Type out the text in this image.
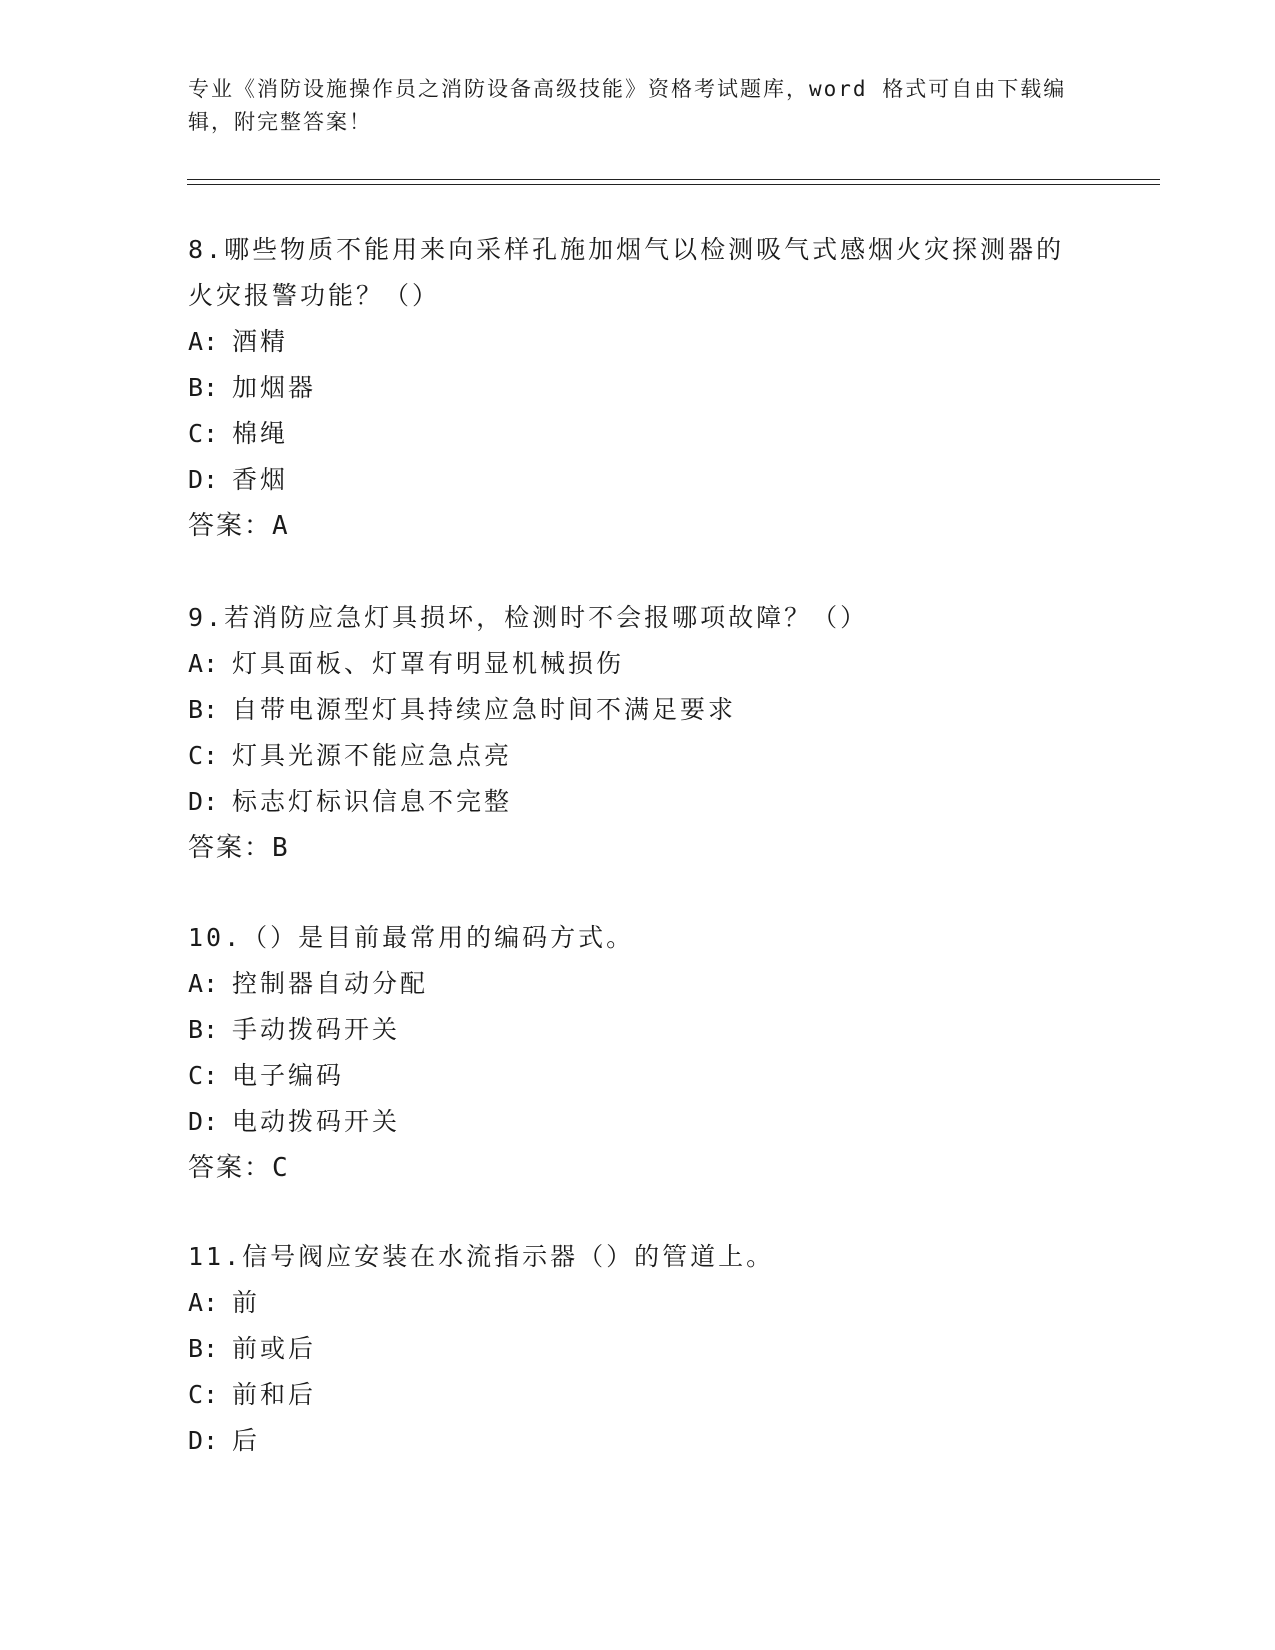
专业《消防设施操作员之消防设备高级技能》资格考试题库，word 格式可自由下载编辑，附完整答案！
8.哪些物质不能用来向采样孔施加烟气以检测吸气式感烟火灾探测器的火灾报警功能？（）
A: 酒精
B: 加烟器
C: 棉绳
D: 香烟
答案：A
9.若消防应急灯具损坏，检测时不会报哪项故障？（）
A: 灯具面板、灯罩有明显机械损伤
B: 自带电源型灯具持续应急时间不满足要求
C: 灯具光源不能应急点亮
D: 标志灯标识信息不完整
答案：B
10.（）是目前最常用的编码方式。
A: 控制器自动分配
B: 手动拨码开关
C: 电子编码
D: 电动拨码开关
答案：C
11.信号阀应安装在水流指示器（）的管道上。
A: 前
B: 前或后
C: 前和后
D: 后
